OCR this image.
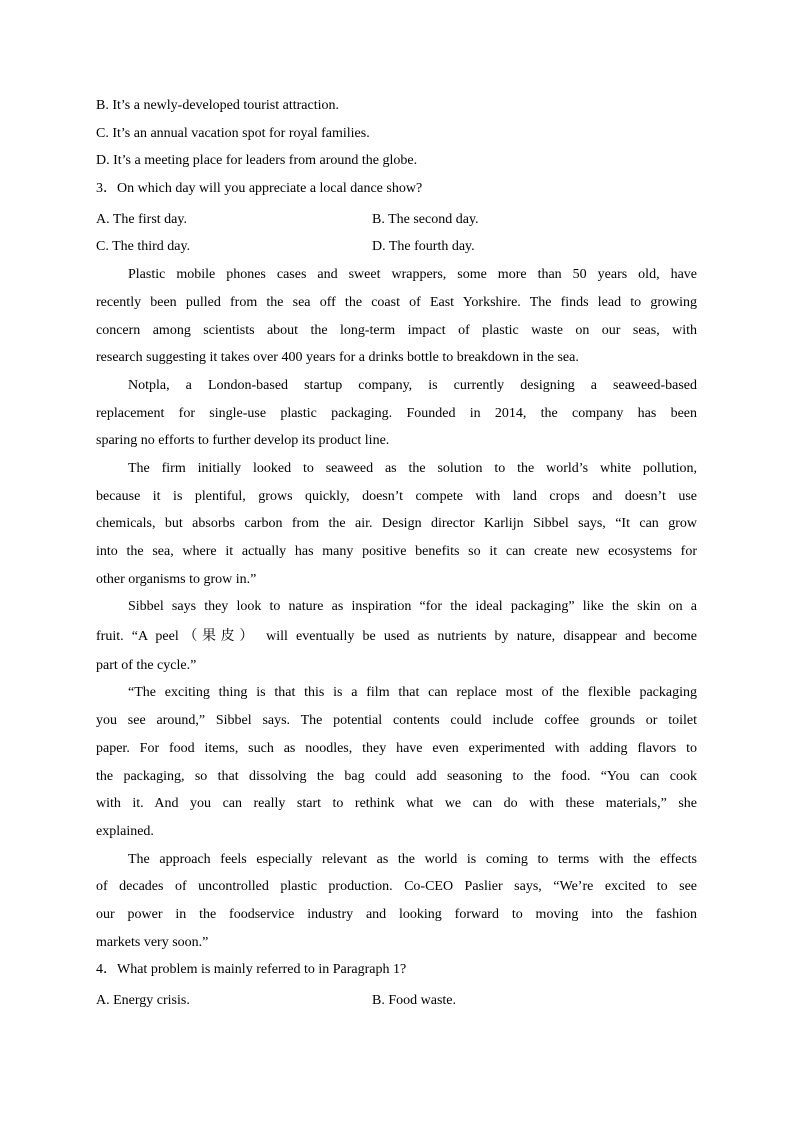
B. It’s a newly-developed tourist attraction.
C. It’s an annual vacation spot for royal families.
D. It’s a meeting place for leaders from around the globe.
3．On which day will you appreciate a local dance show?
A. The first day.	B. The second day.
C. The third day.	D. The fourth day.
Plastic mobile phones cases and sweet wrappers, some more than 50 years old, have
recently been pulled from the sea off the coast of East Yorkshire. The finds lead to growing
concern among scientists about the long-term impact of plastic waste on our seas, with
research suggesting it takes over 400 years for a drinks bottle to breakdown in the sea.
Notpla, a London-based startup company, is currently designing a seaweed-based
replacement for single-use plastic packaging. Founded in 2014, the company has been
sparing no efforts to further develop its product line.
The firm initially looked to seaweed as the solution to the world’s white pollution,
because it is plentiful, grows quickly, doesn’t compete with land crops and doesn’t use
chemicals, but absorbs carbon from the air. Design director Karlijn Sibbel says, “It can grow
into the sea, where it actually has many positive benefits so it can create new ecosystems for
other organisms to grow in.”
Sibbel says they look to nature as inspiration “for the ideal packaging” like the skin on a
fruit. “A peel（果皮） will eventually be used as nutrients by nature, disappear and become
part of the cycle.”
“The exciting thing is that this is a film that can replace most of the flexible packaging
you see around,” Sibbel says. The potential contents could include coffee grounds or toilet
paper. For food items, such as noodles, they have even experimented with adding flavors to
the packaging, so that dissolving the bag could add seasoning to the food. “You can cook
with it. And you can really start to rethink what we can do with these materials,” she
explained.
The approach feels especially relevant as the world is coming to terms with the effects
of decades of uncontrolled plastic production. Co-CEO Paslier says, “We’re excited to see
our power in the foodservice industry and looking forward to moving into the fashion
markets very soon.”
4．What problem is mainly referred to in Paragraph 1?
A. Energy crisis.	B. Food waste.
